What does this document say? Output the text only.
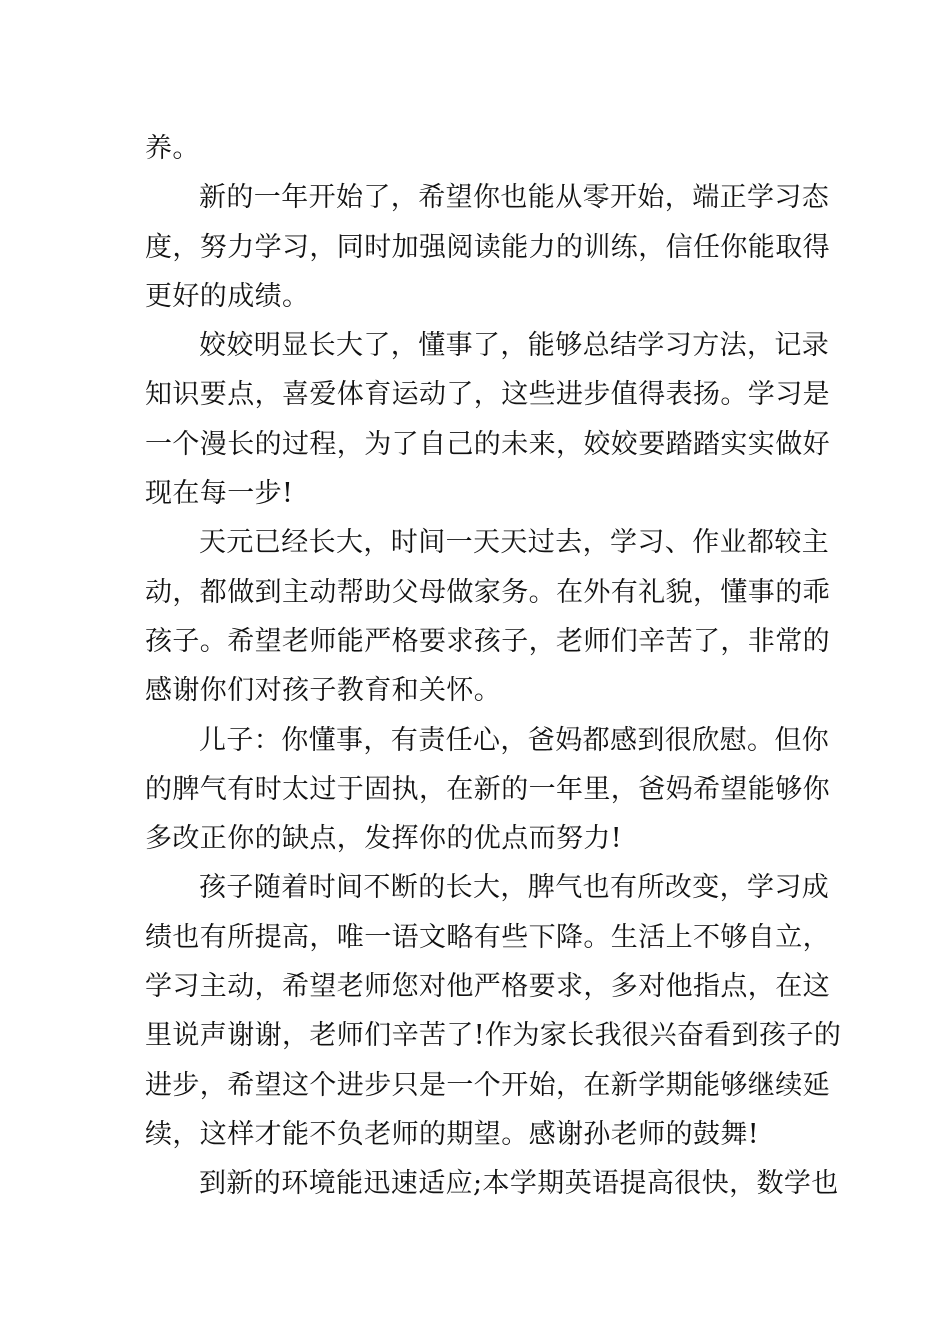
养。

新的一年开始了，希望你也能从零开始，端正学习态
度，努力学习，同时加强阅读能力的训练，信任你能取得
更好的成绩。

姣姣明显长大了，懂事了，能够总结学习方法，记录
知识要点，喜爱体育运动了，这些进步值得表扬。学习是
一个漫长的过程，为了自己的未来，姣姣要踏踏实实做好
现在每一步!

天元已经长大，时间一天天过去，学习、作业都较主
动，都做到主动帮助父母做家务。在外有礼貌，懂事的乖
孩子。希望老师能严格要求孩子，老师们辛苦了，非常的
感谢你们对孩子教育和关怀。

儿子：你懂事，有责任心，爸妈都感到很欣慰。但你
的脾气有时太过于固执，在新的一年里，爸妈希望能够你
多改正你的缺点，发挥你的优点而努力!

孩子随着时间不断的长大，脾气也有所改变，学习成
绩也有所提高，唯一语文略有些下降。生活上不够自立，
学习主动，希望老师您对他严格要求，多对他指点，在这
里说声谢谢，老师们辛苦了!作为家长我很兴奋看到孩子的
进步，希望这个进步只是一个开始，在新学期能够继续延
续，这样才能不负老师的期望。感谢孙老师的鼓舞!

到新的环境能迅速适应;本学期英语提高很快，数学也
